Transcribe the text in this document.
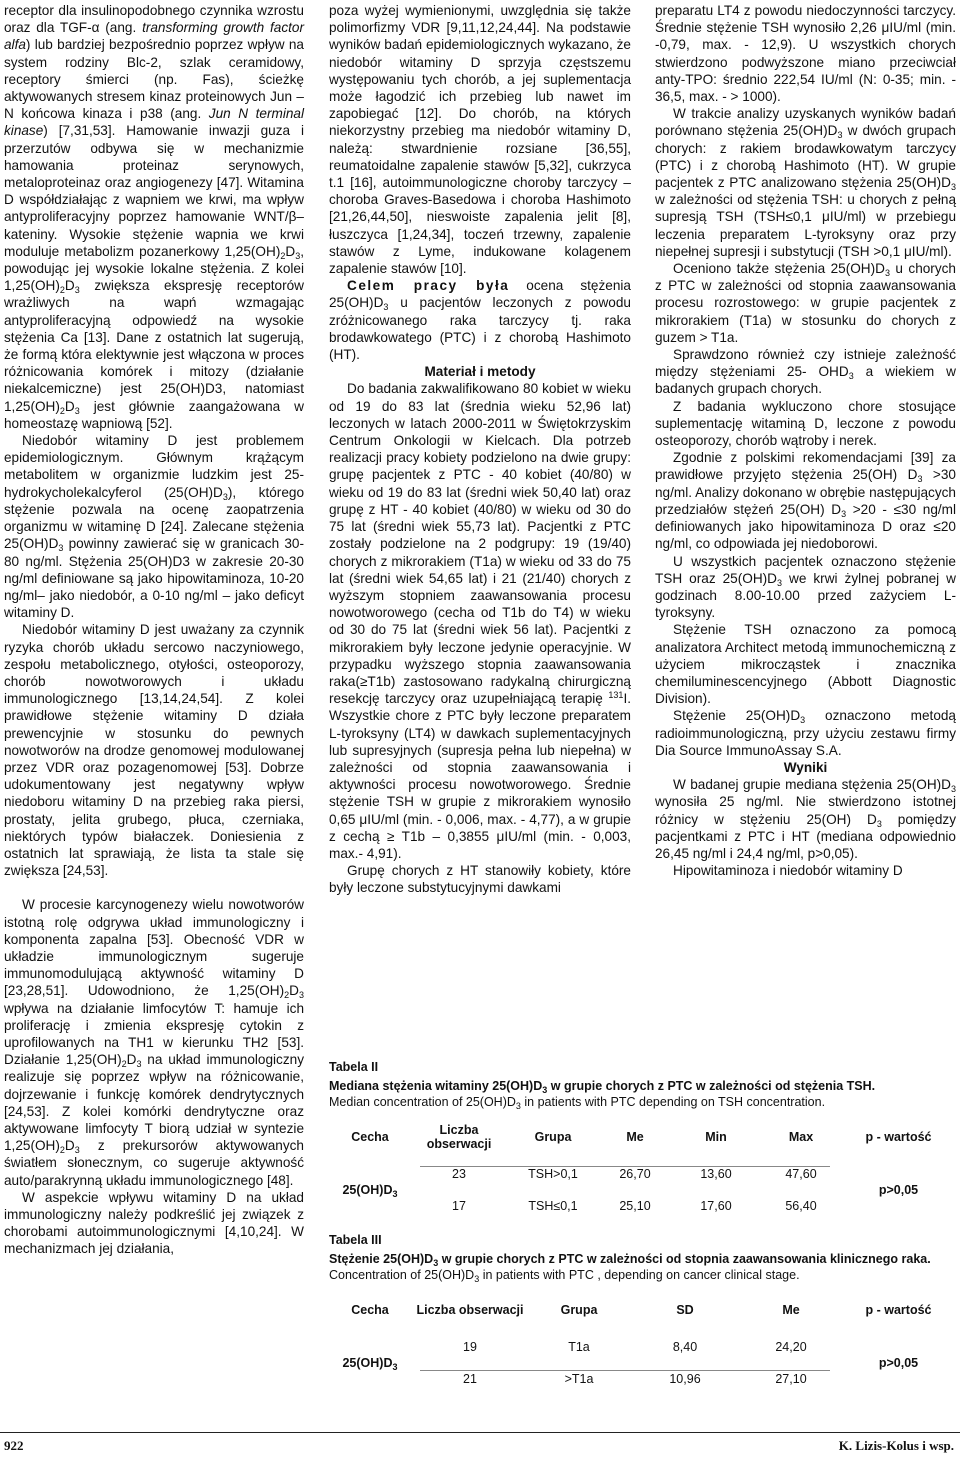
receptor dla insulinopodobnego czynnika wzrostu oraz dla TGF-α (ang. transforming growth factor alfa) lub bardziej bezpośrednio poprzez wpływ na system rodziny Blc-2, szlak ceramidowy, receptory śmierci (np. Fas), ścieżkę aktywowanych stresem kinaz proteinowych Jun –N końcowa kinaza i p38 (ang. Jun N terminal kinase) [7,31,53]. Hamowanie inwazji guza i przerzutów odbywa się w mechanizmie hamowania proteinaz serynowych, metaloproteinaz oraz angiogenezy [47]. Witamina D współdziałając z wapniem we krwi, ma wpływ antyproliferacyjny poprzez hamowanie WNT/β–kateniny. Wysokie stężenie wapnia we krwi moduluje metabolizm pozanerkowy $1,25(OH)_2D_3$, powodując jej wysokie lokalne stężenia. Z kolei $1,25(OH)_2D_3$ zwiększa ekspresję receptorów wrażliwych na wapń wzmagając antyproliferacyjną odpowiedź na wysokie stężenia Ca [13]. Dane z ostatnich lat sugerują, że formą która elektywnie jest włączona w proces różnicowania komórek i mitozy (działanie niekalcemiczne) jest 25(OH)D3, natomiast $1,25(OH)_2D_3$ jest głównie zaangażowana w homeostazę wapniową [52].

Niedobór witaminy D jest problemem epidemiologicznym. Głównym krążącym metabolitem w organizmie ludzkim jest 25-hydrokycholekalcyferol $(25(OH)D_3)$, którego stężenie pozwala na ocenę zaopatrzenia organizmu w witaminę D [24]. Zalecane stężenia $25(OH)D_3$ powinny zawierać się w granicach 30-80 ng/ml. Stężenia 25(OH)D3 w zakresie 20-30 ng/ml definiowane są jako hipowitaminoza, 10-20 ng/ml– jako niedobór, a 0-10 ng/ml – jako deficyt witaminy D.

Niedobór witaminy D jest uważany za czynnik ryzyka chorób układu sercowo naczyniowego, zespołu metabolicznego, otyłości, osteoporozy, chorób nowotworowych i układu immunologicznego [13,14,24,54]. Z kolei prawidłowe stężenie witaminy D działa prewencyjnie w stosunku do pewnych nowotworów na drodze genomowej modulowanej przez VDR oraz pozagenomowej [53]. Dobrze udokumentowany jest negatywny wpływ niedoboru witaminy D na przebieg raka piersi, prostaty, jelita grubego, płuca, czerniaka, niektórych typów białaczek. Doniesienia z ostatnich lat sprawiają, że lista ta stale się zwiększa [24,53].

W procesie karcynogenezy wielu nowotworów istotną rolę odgrywa układ immunologiczny i komponenta zapalna [53]. Obecność VDR w układzie immunologicznym sugeruje immunomodulującą aktywność witaminy D [23,28,51]. Udowodniono, że $1,25(OH)_2D_3$ wpływa na działanie limfocytów T: hamuje ich proliferację i zmienia ekspresję cytokin z uprofilowanych na TH1 w kierunku TH2 [53]. Działanie $1,25(OH)_2D_3$ na układ immunologiczny realizuje się poprzez wpływ na różnicowanie, dojrzewanie i funkcję komórek dendrytycznych [24,53]. Z kolei komórki dendrytyczne oraz aktywowane limfocyty T biorą udział w syntezie $1,25(OH)_2D_3$ z prekursorów aktywowanych światłem słonecznym, co sugeruje aktywność auto/parakrynną układu immunologicznego [48].

W aspekcie wpływu witaminy D na układ immunologiczny należy podkreślić jej związek z chorobami autoimmunologicznymi [4,10,24]. W mechanizmach jej działania,

poza wyżej wymienionymi, uwzględnia się także polimorfizmy VDR [9,11,12,24,44]. Na podstawie wyników badań epidemiologicznych wykazano, że niedobór witaminy D sprzyja częstszemu występowaniu tych chorób, a jej suplementacja może łagodzić ich przebieg lub nawet im zapobiegać [12]. Do chorób, na których niekorzystny przebieg ma niedobór witaminy D, należą: stwardnienie rozsiane [36,55], reumatoidalne zapalenie stawów [5,32], cukrzyca t.1 [16], autoimmunologiczne choroby tarczycy – choroba Graves-Basedowa i choroba Hashimoto [21,26,44,50], nieswoiste zapalenia jelit [8], łuszczyca [1,24,34], toczeń trzewny, zapalenie stawów z Lyme, indukowane kolagenem zapalenie stawów [10].

Celem pracy była ocena stężenia $25(OH)D_3$ u pacjentów leczonych z powodu zróżnicowanego raka tarczycy tj. raka brodawkowatego (PTC) i z chorobą Hashimoto (HT).

Materiał i metody

Do badania zakwalifikowano 80 kobiet w wieku od 19 do 83 lat (średnia wieku 52,96 lat) leczonych w latach 2000-2011 w Świętokrzyskim Centrum Onkologii w Kielcach. Dla potrzeb realizacji pracy kobiety podzielono na dwie grupy: grupę pacjentek z PTC - 40 kobiet (40/80) w wieku od 19 do 83 lat (średni wiek 50,40 lat) oraz grupę z HT - 40 kobiet (40/80) w wieku od 30 do 75 lat (średni wiek 55,73 lat). Pacjentki z PTC zostały podzielone na 2 podgrupy: 19 (19/40) chorych z mikrorakiem (T1a) w wieku od 33 do 75 lat (średni wiek 54,65 lat) i 21 (21/40) chorych z wyższym stopniem zaawansowania procesu nowotworowego (cecha od T1b do T4) w wieku od 30 do 75 lat (średni wiek 56 lat). Pacjentki z mikrorakiem były leczone jedynie operacyjnie. W przypadku wyższego stopnia zaawansowania raka(≥T1b) zastosowano radykalną chirurgiczną resekcję tarczycy oraz uzupełniającą terapię $^{131}$I. Wszystkie chore z PTC były leczone preparatem L-tyroksyny (LT4) w dawkach suplementacyjnych lub supresyjnych (supresja pełna lub niepełna) w zależności od stopnia zaawansowania i aktywności procesu nowotworowego. Średnie stężenie TSH w grupie z mikrorakiem wynosiło 0,65 μIU/ml (min. - 0,006, max. - 4,77), a w grupie z cechą ≥ T1b – 0,3855 μIU/ml (min. - 0,003, max.- 4,91).

Grupę chorych z HT stanowiły kobiety, które były leczone substytucyjnymi dawkami

preparatu LT4 z powodu niedoczynności tarczycy. Średnie stężenie TSH wynosiło 2,26 μIU/ml (min. -0,79, max. - 12,9). U wszystkich chorych stwierdzono podwyższone miano przeciwciał anty-TPO: średnio 222,54 IU/ml (N: 0-35; min. - 36,5, max. - > 1000).

W trakcie analizy uzyskanych wyników badań porównano stężenia $25(OH)D_3$ w dwóch grupach chorych: z rakiem brodawkowatym tarczycy (PTC) i z chorobą Hashimoto (HT). W grupie pacjentek z PTC analizowano stężenia $25(OH)D_3$ w zależności od stężenia TSH: u chorych z pełną supresją TSH (TSH≤0,1 μIU/ml) w przebiegu leczenia preparatem L-tyroksyny oraz przy niepełnej supresji i substytucji (TSH >0,1 μIU/ml).

Oceniono także stężenia $25(OH)D_3$ u chorych z PTC w zależności od stopnia zaawansowania procesu rozrostowego: w grupie pacjentek z mikrorakiem (T1a) w stosunku do chorych z guzem > T1a.

Sprawdzono również czy istnieje zależność między stężeniami 25- $OHD_3$ a wiekiem w badanych grupach chorych.

Z badania wykluczono chore stosujące suplementację witaminą D, leczone z powodu osteoporozy, chorób wątroby i nerek.

Zgodnie z polskimi rekomendacjami [39] za prawidłowe przyjęto stężenia 25(OH) $D_3 >30$ ng/ml. Analizy dokonano w obrębie następujących przedziałów stężeń 25(OH) $D_3 >20 - \le 30$ ng/ml definiowanych jako hipowitaminoza D oraz ≤20 ng/ml, co odpowiada jej niedoborowi.

U wszystkich pacjentek oznaczono stężenie TSH oraz $25(OH)D_3$ we krwi żylnej pobranej w godzinach 8.00-10.00 przed zażyciem L-tyroksyny.

Stężenie TSH oznaczono za pomocą analizatora Architect metodą immunochemiczną z użyciem mikrocząstek i znacznika chemiluminescencyjnego (Abbott Diagnostic Division).

Stężenie $25(OH)D_3$ oznaczono metodą radioimmunologiczną, przy użyciu zestawu firmy Dia Source ImmunoAssay S.A.

Wyniki

W badanej grupie mediana stężenia $25(OH)D_3$ wynosiła 25 ng/ml. Nie stwierdzono istotnej różnicy w stężeniu 25(OH) $D_3$ pomiędzy pacjentkami z PTC i HT (mediana odpowiednio 26,45 ng/ml i 24,4 ng/ml, p>0,05).

Hipowitaminoza i niedobór witaminy D

Tabela II
Mediana stężenia witaminy $25(OH)D_3$ w grupie chorych z PTC w zależności od stężenia TSH.
Median concentration of $25(OH)D_3$ in patients with PTC depending on TSH concentration.
Cecha	Liczba obserwacji	Grupa	Me	Min	Max	p - wartość
$25(OH)D_3$	23	TSH>0,1	26,70	13,60	47,60	p>0,05
	17	TSH≤0,1	25,10	17,60	56,40	
Tabela III
Stężenie $25(OH)D_3$ w grupie chorych z PTC w zależności od stopnia zaawansowania klinicznego raka.
Concentration of $25(OH)D_3$ in patients with PTC , depending on cancer clinical stage.
Cecha	Liczba obserwacji	Grupa	SD	Me	p - wartość
$25(OH)D_3$	19	T1a	8,40	24,20	p>0,05
	21	>T1a	10,96	27,10	
922	K. Lizis-Kolus i wsp.
